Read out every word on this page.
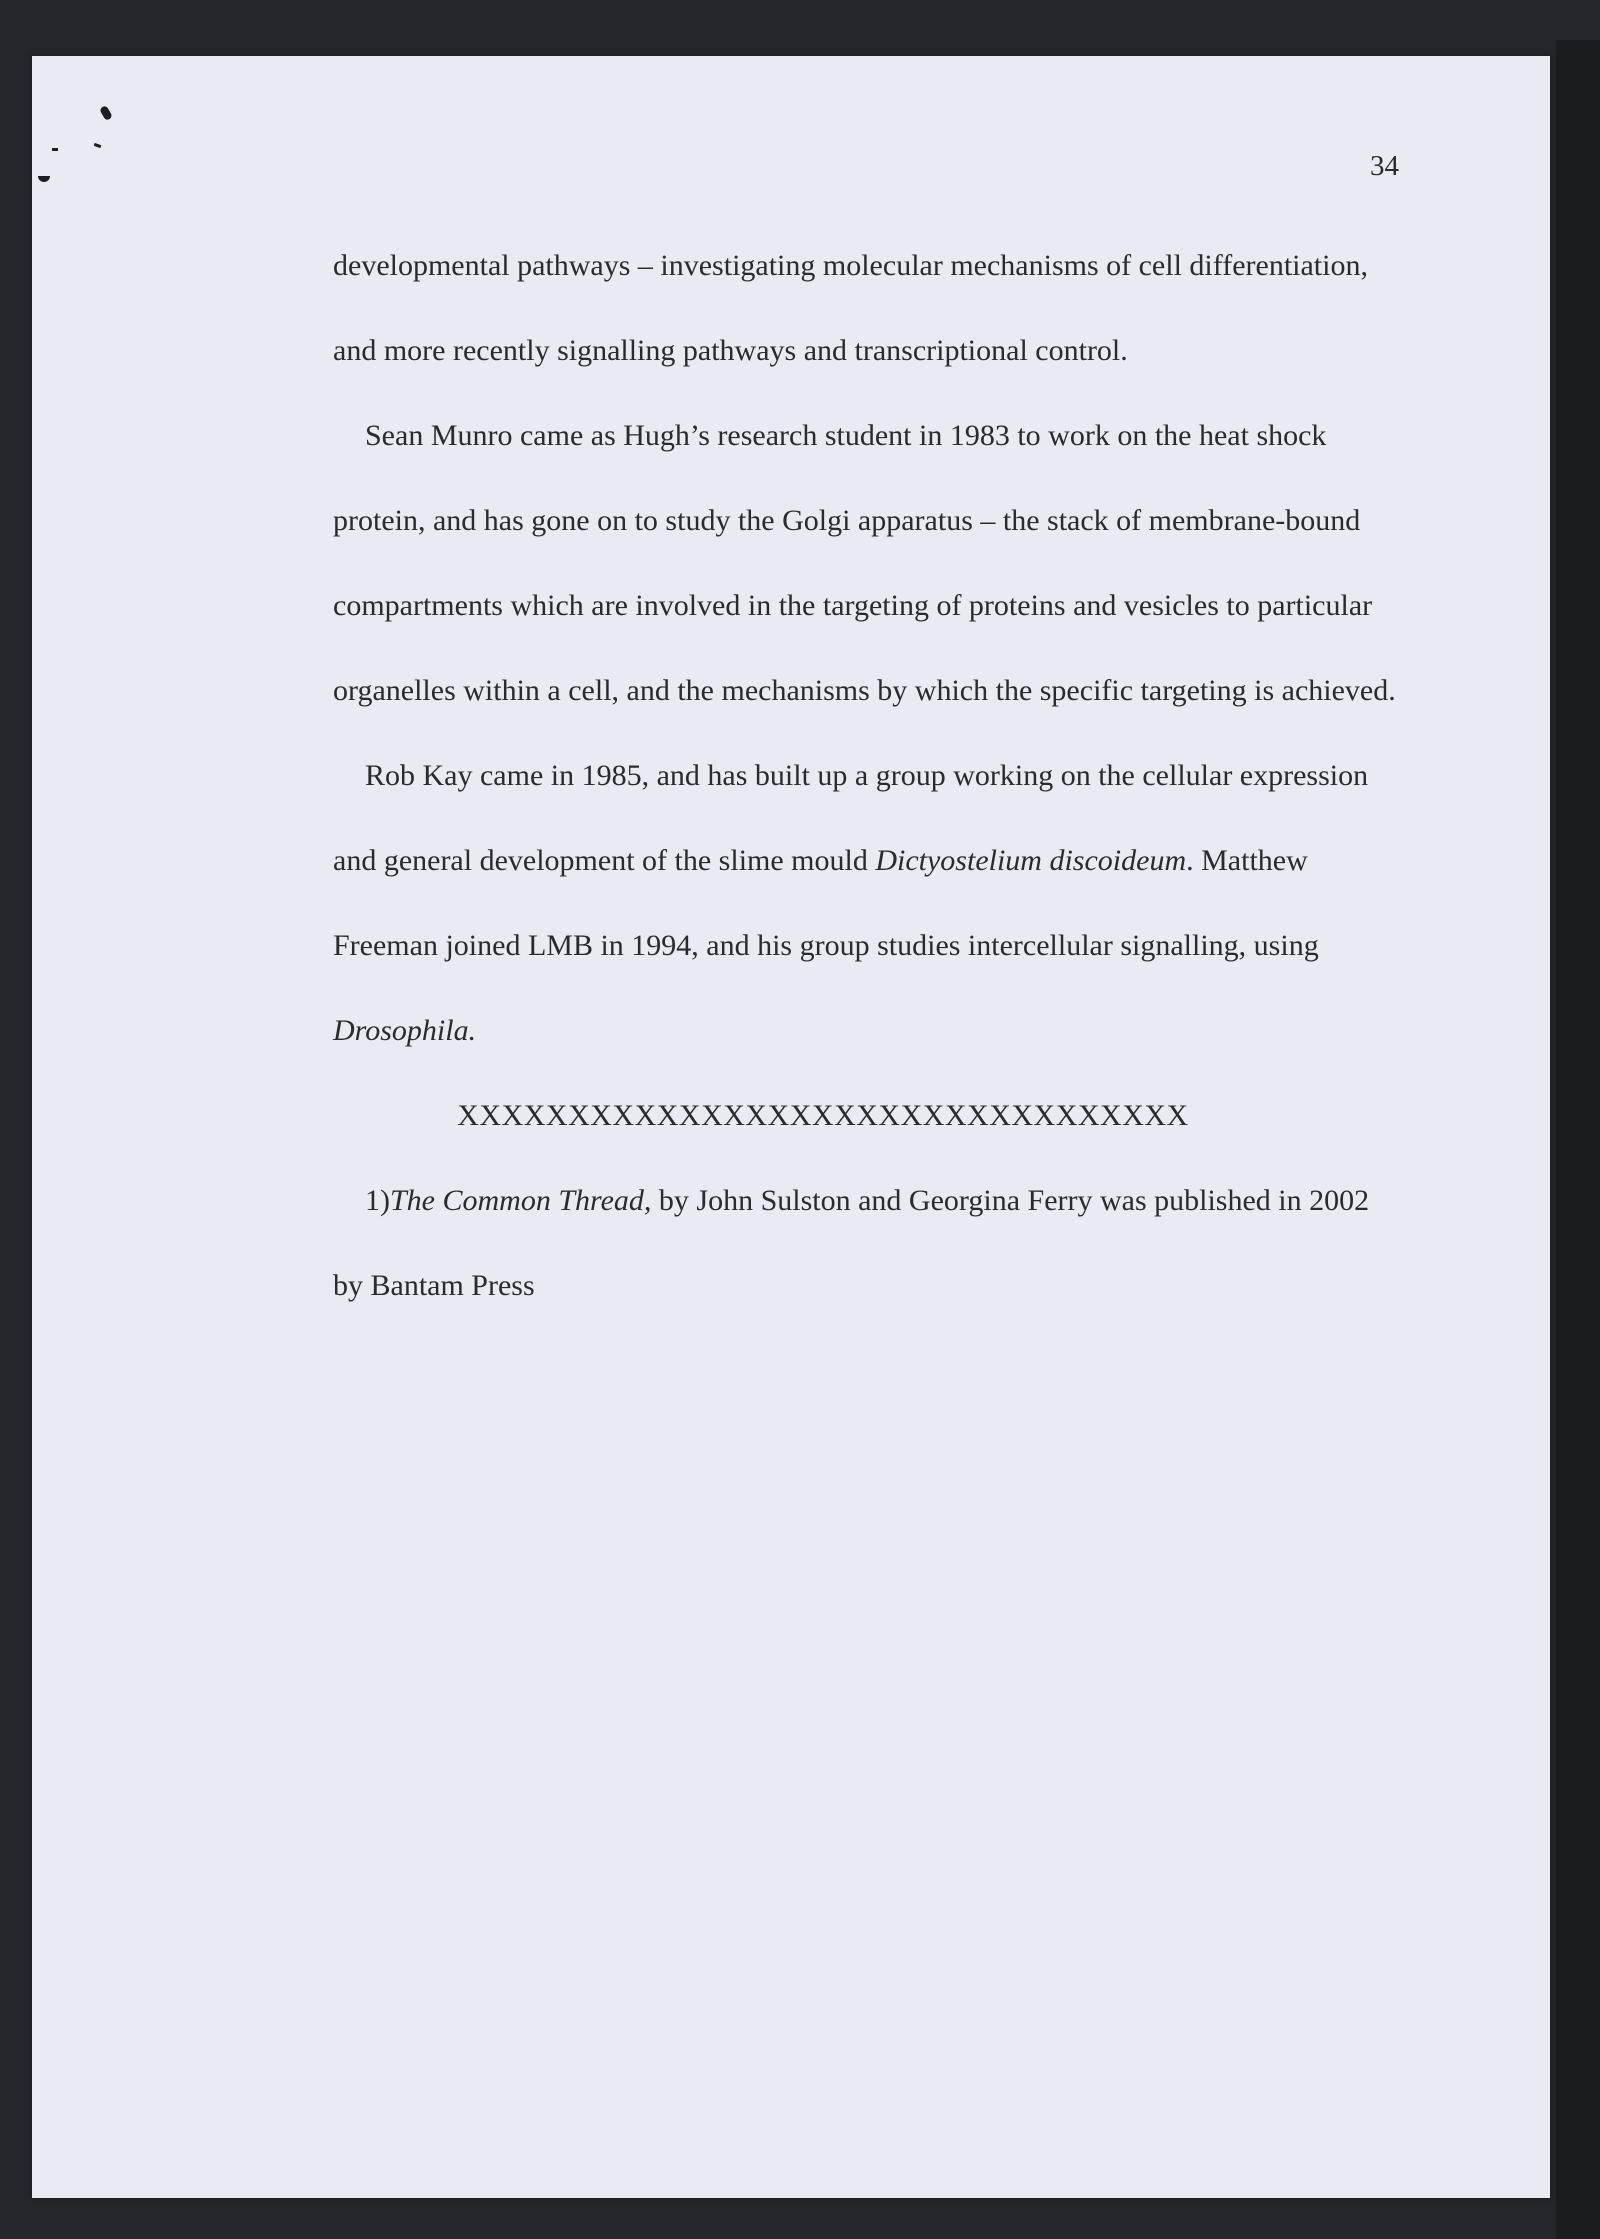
34
developmental pathways – investigating molecular mechanisms of cell differentiation,
and more recently signalling pathways and transcriptional control.
Sean Munro came as Hugh’s research student in 1983 to work on the heat shock
protein, and has gone on to study the Golgi apparatus – the stack of membrane-bound
compartments which are involved in the targeting of proteins and vesicles to particular
organelles within a cell, and the mechanisms by which the specific targeting is achieved.
Rob Kay came in 1985, and has built up a group working on the cellular expression
and general development of the slime mould Dictyostelium discoideum. Matthew
Freeman joined LMB in 1994, and his group studies intercellular signalling, using
Drosophila.
XXXXXXXXXXXXXXXXXXXXXXXXXXXXXXXXX
1)The Common Thread, by John Sulston and Georgina Ferry was published in 2002
by Bantam Press
